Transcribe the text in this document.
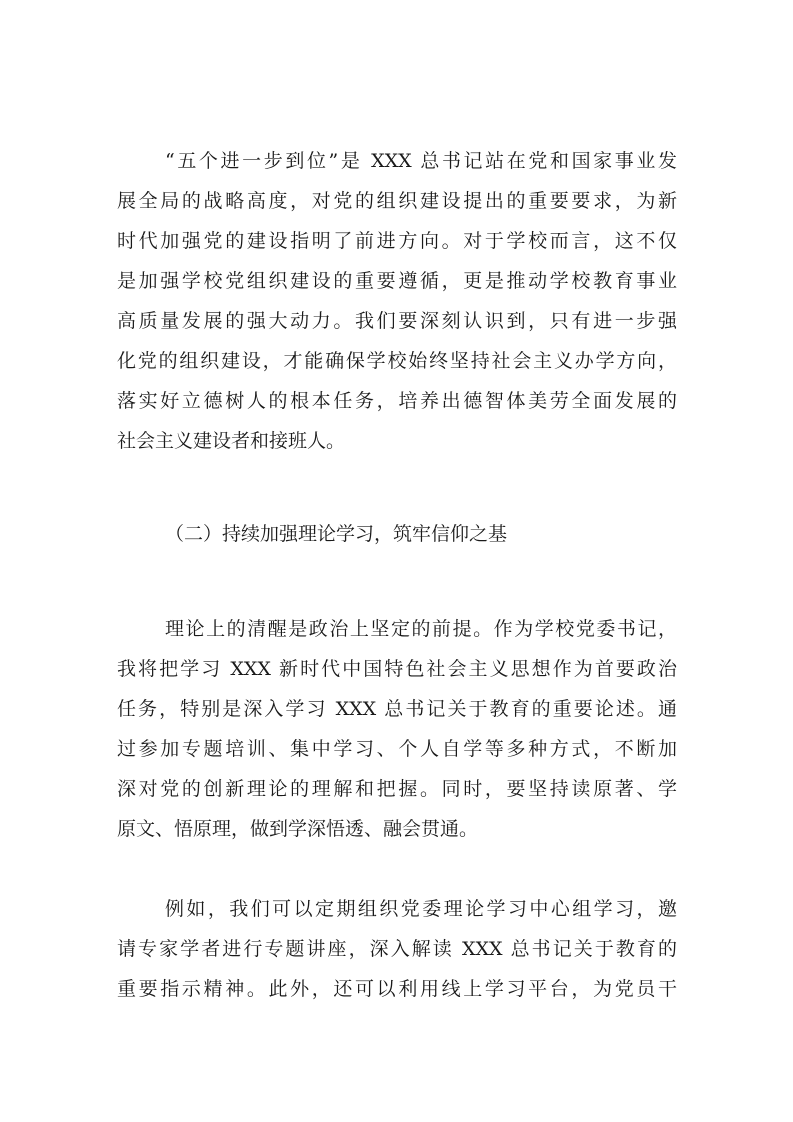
“五个进一步到位”是 XXX 总书记站在党和国家事业发

展全局的战略高度，对党的组织建设提出的重要要求，为新

时代加强党的建设指明了前进方向。对于学校而言，这不仅

是加强学校党组织建设的重要遵循，更是推动学校教育事业

高质量发展的强大动力。我们要深刻认识到，只有进一步强

化党的组织建设，才能确保学校始终坚持社会主义办学方向，

落实好立德树人的根本任务，培养出德智体美劳全面发展的

社会主义建设者和接班人。

（二）持续加强理论学习，筑牢信仰之基

理论上的清醒是政治上坚定的前提。作为学校党委书记，

我将把学习 XXX 新时代中国特色社会主义思想作为首要政治

任务，特别是深入学习 XXX 总书记关于教育的重要论述。通

过参加专题培训、集中学习、个人自学等多种方式，不断加

深对党的创新理论的理解和把握。同时，要坚持读原著、学

原文、悟原理，做到学深悟透、融会贯通。

例如，我们可以定期组织党委理论学习中心组学习，邀

请专家学者进行专题讲座，深入解读 XXX 总书记关于教育的

重要指示精神。此外，还可以利用线上学习平台，为党员干
